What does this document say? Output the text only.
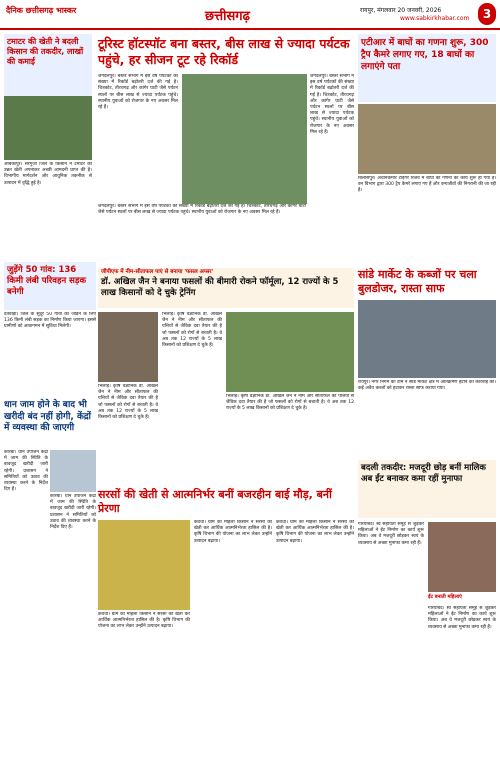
दैनिक छत्तीसगढ़ भास्कर	छत्तीसगढ़	रायपुर, मंगलवार 20 जनवरी, 2026
www.sabkirkhabar.com	3
टमाटर की खेती ने बदली किसान की तकदीर, लाखों की कमाई
अंबिकापुर। सरगुजा जिले के किसान ने टमाटर की उन्नत खेती अपनाकर अच्छी आमदनी प्राप्त की है। विभागीय मार्गदर्शन और आधुनिक तकनीक से उत्पादन में वृद्धि हुई है।
टूरिस्ट हॉटस्पॉट बना बस्तर, बीस लाख से ज्यादा पर्यटक पहुंचे, हर सीजन टूट रहे रिकॉर्ड
जगदलपुर। बस्तर संभाग में इस वर्ष पर्यटकों की संख्या में रिकॉर्ड बढ़ोतरी दर्ज की गई है। चित्रकोट, तीरथगढ़ और कांगेर घाटी जैसे पर्यटन स्थलों पर बीस लाख से ज्यादा पर्यटक पहुंचे। स्थानीय युवाओं को रोजगार के नए अवसर मिल रहे हैं।
जगदलपुर। बस्तर संभाग में इस वर्ष पर्यटकों की संख्या में रिकॉर्ड बढ़ोतरी दर्ज की गई है। चित्रकोट, तीरथगढ़ और कांगेर घाटी जैसे पर्यटन स्थलों पर बीस लाख से ज्यादा पर्यटक पहुंचे। स्थानीय युवाओं को रोजगार के नए अवसर मिल रहे हैं।
जगदलपुर। बस्तर संभाग में इस वर्ष पर्यटकों की संख्या में रिकॉर्ड बढ़ोतरी दर्ज की गई है। चित्रकोट, तीरथगढ़ और कांगेर घाटी जैसे पर्यटन स्थलों पर बीस लाख से ज्यादा पर्यटक पहुंचे। स्थानीय युवाओं को रोजगार के नए अवसर मिल रहे हैं।
एटीआर में बाघों का गणना शुरू, 300 ट्रैप कैमरे लगाए गए, 18 बाघों का लगाएंगे पता
बिलासपुर। अचानकमार टाइगर रिजर्व में बाघों की गणना का कार्य शुरू हो गया है। वन विभाग द्वारा 300 ट्रैप कैमरे लगाए गए हैं और वन्यजीवों की निगरानी की जा रही है।
सांडे मार्केट के कब्जों पर चला बुलडोजर, रास्ता साफ
रायपुर। नगर निगम की टीम ने सांडे मार्केट क्षेत्र में अतिक्रमण हटाने की कार्रवाई की। कई अवैध कब्जों को हटाकर रास्ता साफ कराया गया।
जुड़ेंगे 50 गांव: 136 किमी लंबी परिवहन सड़क बनेगी
दंतेवाड़ा। जिले के सुदूर 50 गांवों को जोड़ने के लिए 136 किमी लंबी सड़क का निर्माण किया जाएगा। इससे ग्रामीणों को आवागमन में सुविधा मिलेगी।
जीपीएफ में नीम-सीताफल पाएं से बनाया 'फसल अप्सर'
डॉ. अखिल जैन ने बनाया फसलों की बीमारी रोकने फॉर्मूला, 12 राज्यों के 5 लाख किसानों को दे चुके ट्रेनिंग
भिलाई। कृषि वैज्ञानिक डॉ. अखिल जैन ने नीम और सीताफल की पत्तियों से जैविक दवा तैयार की है जो फसलों को रोगों से बचाती है। वे अब तक 12 राज्यों के 5 लाख किसानों को प्रशिक्षण दे चुके हैं।
भिलाई। कृषि वैज्ञानिक डॉ. अखिल जैन ने नीम और सीताफल की पत्तियों से जैविक दवा तैयार की है जो फसलों को रोगों से बचाती है। वे अब तक 12 राज्यों के 5 लाख किसानों को प्रशिक्षण दे चुके हैं।
भिलाई। कृषि वैज्ञानिक डॉ. अखिल जैन ने नीम और सीताफल की पत्तियों से जैविक दवा तैयार की है जो फसलों को रोगों से बचाती है। वे अब तक 12 राज्यों के 5 लाख किसानों को प्रशिक्षण दे चुके हैं।
धान जाम होने के बाद भी खरीदी बंद नहीं होगी, केंद्रों में व्यवस्था की जाएगी
कोरबा। धान उपार्जन केंद्रों में जाम की स्थिति के बावजूद खरीदी जारी रहेगी। प्रशासन ने समितियों को उठाव की व्यवस्था करने के निर्देश दिए हैं।
कोरबा। धान उपार्जन केंद्रों में जाम की स्थिति के बावजूद खरीदी जारी रहेगी। प्रशासन ने समितियों को उठाव की व्यवस्था करने के निर्देश दिए हैं।
सरसों की खेती से आत्मनिर्भर बनीं बजरहीन बाई मौड़, बनीं प्रेरणा
कवर्धा। ग्राम की महिला किसान ने सरसों की खेती कर आर्थिक आत्मनिर्भरता हासिल की है। कृषि विभाग की योजना का लाभ लेकर उन्होंने उत्पादन बढ़ाया।
कवर्धा। ग्राम की महिला किसान ने सरसों की खेती कर आर्थिक आत्मनिर्भरता हासिल की है। कृषि विभाग की योजना का लाभ लेकर उन्होंने उत्पादन बढ़ाया।
कवर्धा। ग्राम की महिला किसान ने सरसों की खेती कर आर्थिक आत्मनिर्भरता हासिल की है। कृषि विभाग की योजना का लाभ लेकर उन्होंने उत्पादन बढ़ाया।
बदली तकदीर: मजदूरी छोड़ बनीं मालिक अब ईंट बनाकर कमा रहीं मुनाफा
गरियाबंद। स्व सहायता समूह से जुड़कर महिलाओं ने ईंट निर्माण का कार्य शुरू किया। अब वे मजदूरी छोड़कर स्वयं के व्यवसाय से अच्छा मुनाफा कमा रही हैं।
ईंट बनाती महिलाएं
गरियाबंद। स्व सहायता समूह से जुड़कर महिलाओं ने ईंट निर्माण का कार्य शुरू किया। अब वे मजदूरी छोड़कर स्वयं के व्यवसाय से अच्छा मुनाफा कमा रही हैं।
